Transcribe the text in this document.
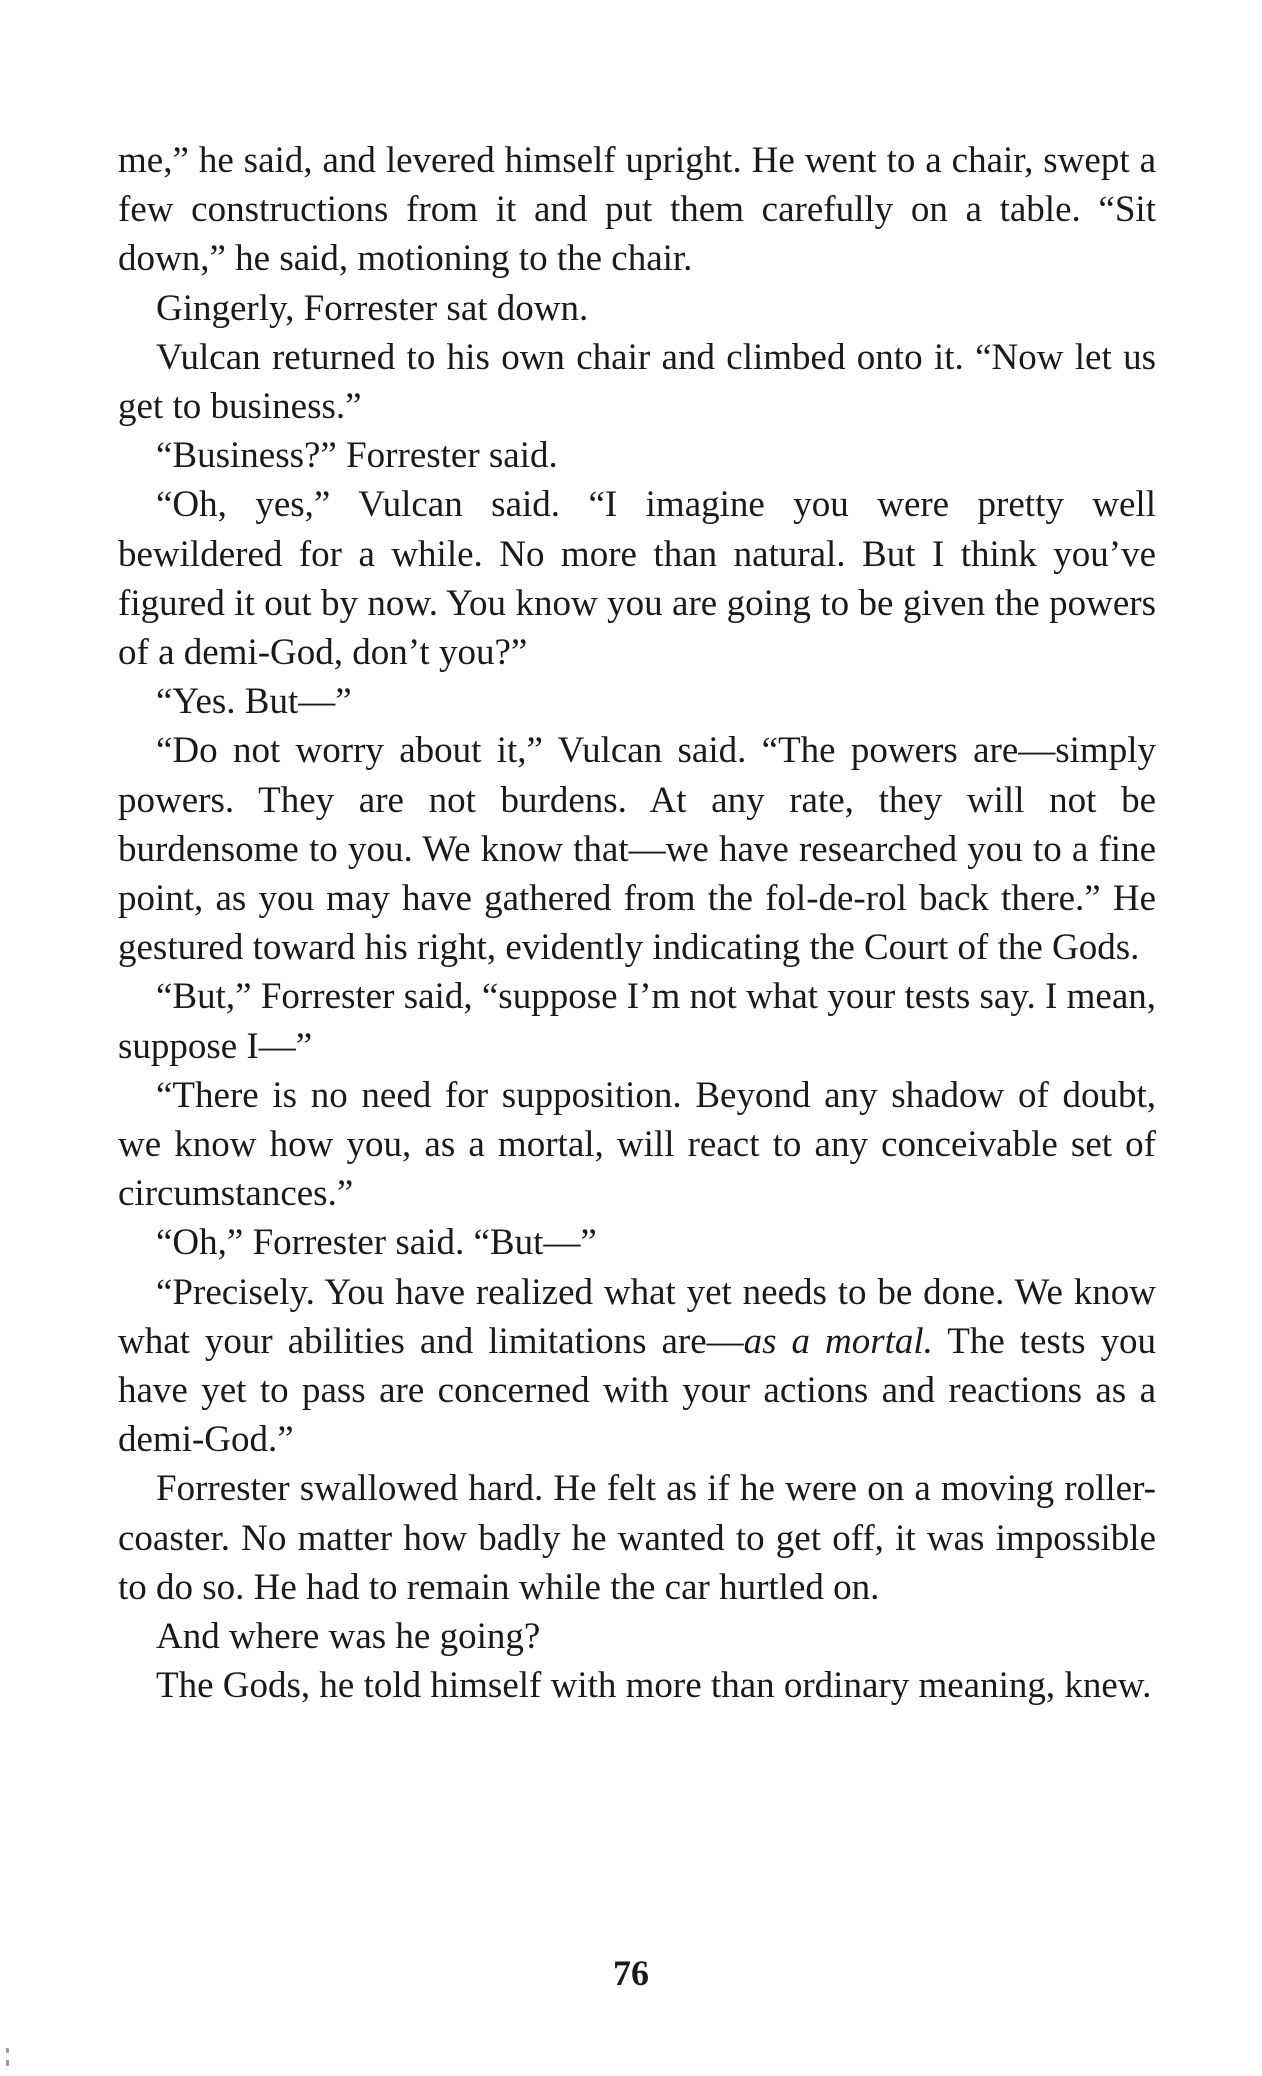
me,” he said, and levered himself upright. He went to a chair, swept a few constructions from it and put them carefully on a table. “Sit down,” he said, motioning to the chair.

Gingerly, Forrester sat down.

Vulcan returned to his own chair and climbed onto it. “Now let us get to business.”

“Business?” Forrester said.

“Oh, yes,” Vulcan said. “I imagine you were pretty well bewildered for a while. No more than natural. But I think you’ve figured it out by now. You know you are going to be given the powers of a demi-God, don’t you?”

“Yes. But—”

“Do not worry about it,” Vulcan said. “The powers are—simply powers. They are not burdens. At any rate, they will not be burdensome to you. We know that—we have researched you to a fine point, as you may have gathered from the fol-de-rol back there.” He gestured toward his right, evidently indicating the Court of the Gods.

“But,” Forrester said, “suppose I’m not what your tests say. I mean, suppose I—”

“There is no need for supposition. Beyond any shadow of doubt, we know how you, as a mortal, will react to any conceivable set of circumstances.”

“Oh,” Forrester said. “But—”

“Precisely. You have realized what yet needs to be done. We know what your abilities and limitations are—as a mortal. The tests you have yet to pass are concerned with your actions and reactions as a demi-God.”

Forrester swallowed hard. He felt as if he were on a moving roller-coaster. No matter how badly he wanted to get off, it was impossible to do so. He had to remain while the car hurtled on.

And where was he going?

The Gods, he told himself with more than ordinary meaning, knew.

76
